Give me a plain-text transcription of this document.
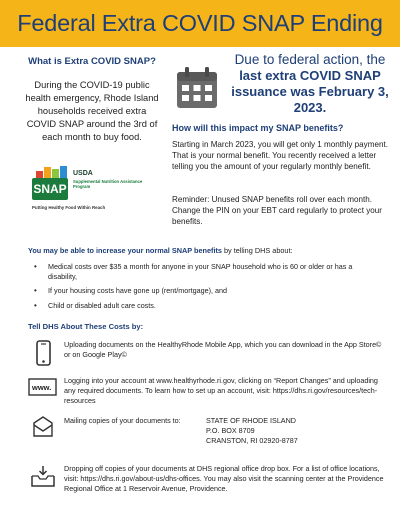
Federal Extra COVID SNAP Ending
What is Extra COVID SNAP?
During the COVID-19 public health emergency, Rhode Island households received extra COVID SNAP around the 3rd of each month to buy food.
SNAP
USDA
Supplemental Nutrition Assistance Program
Putting Healthy Food Within Reach
Due to federal action, the
last extra COVID SNAP issuance was February 3, 2023.
How will this impact my SNAP benefits?
Starting in March 2023, you will get only 1 monthly payment. That is your normal benefit. You recently received a letter telling you the amount of your regularly monthly benefit.
Reminder: Unused SNAP benefits roll over each month. Change the PIN on your EBT card regularly to protect your benefits.
You may be able to increase your normal SNAP benefits by telling DHS about:
• Medical costs over $35 a month for anyone in your SNAP household who is 60 or older or has a disability,
• If your housing costs have gone up (rent/mortgage), and
• Child or disabled adult care costs.
Tell DHS About These Costs by:
Uploading documents on the HealthyRhode Mobile App, which you can download in the App Store© or on Google Play©
www.
Logging into your account at www.healthyrhode.ri.gov, clicking on “Report Changes” and uploading any required documents. To learn how to set up an account, visit: https://dhs.ri.gov/resources/tech-resources
Mailing copies of your documents to:	STATE OF RHODE ISLAND
P.O. BOX 8709
CRANSTON, RI 02920-8787
Dropping off copies of your documents at DHS regional office drop box. For a list of office locations, visit: https://dhs.ri.gov/about-us/dhs-offices. You may also visit the scanning center at the Providence Regional Office at 1 Reservoir Avenue, Providence.
